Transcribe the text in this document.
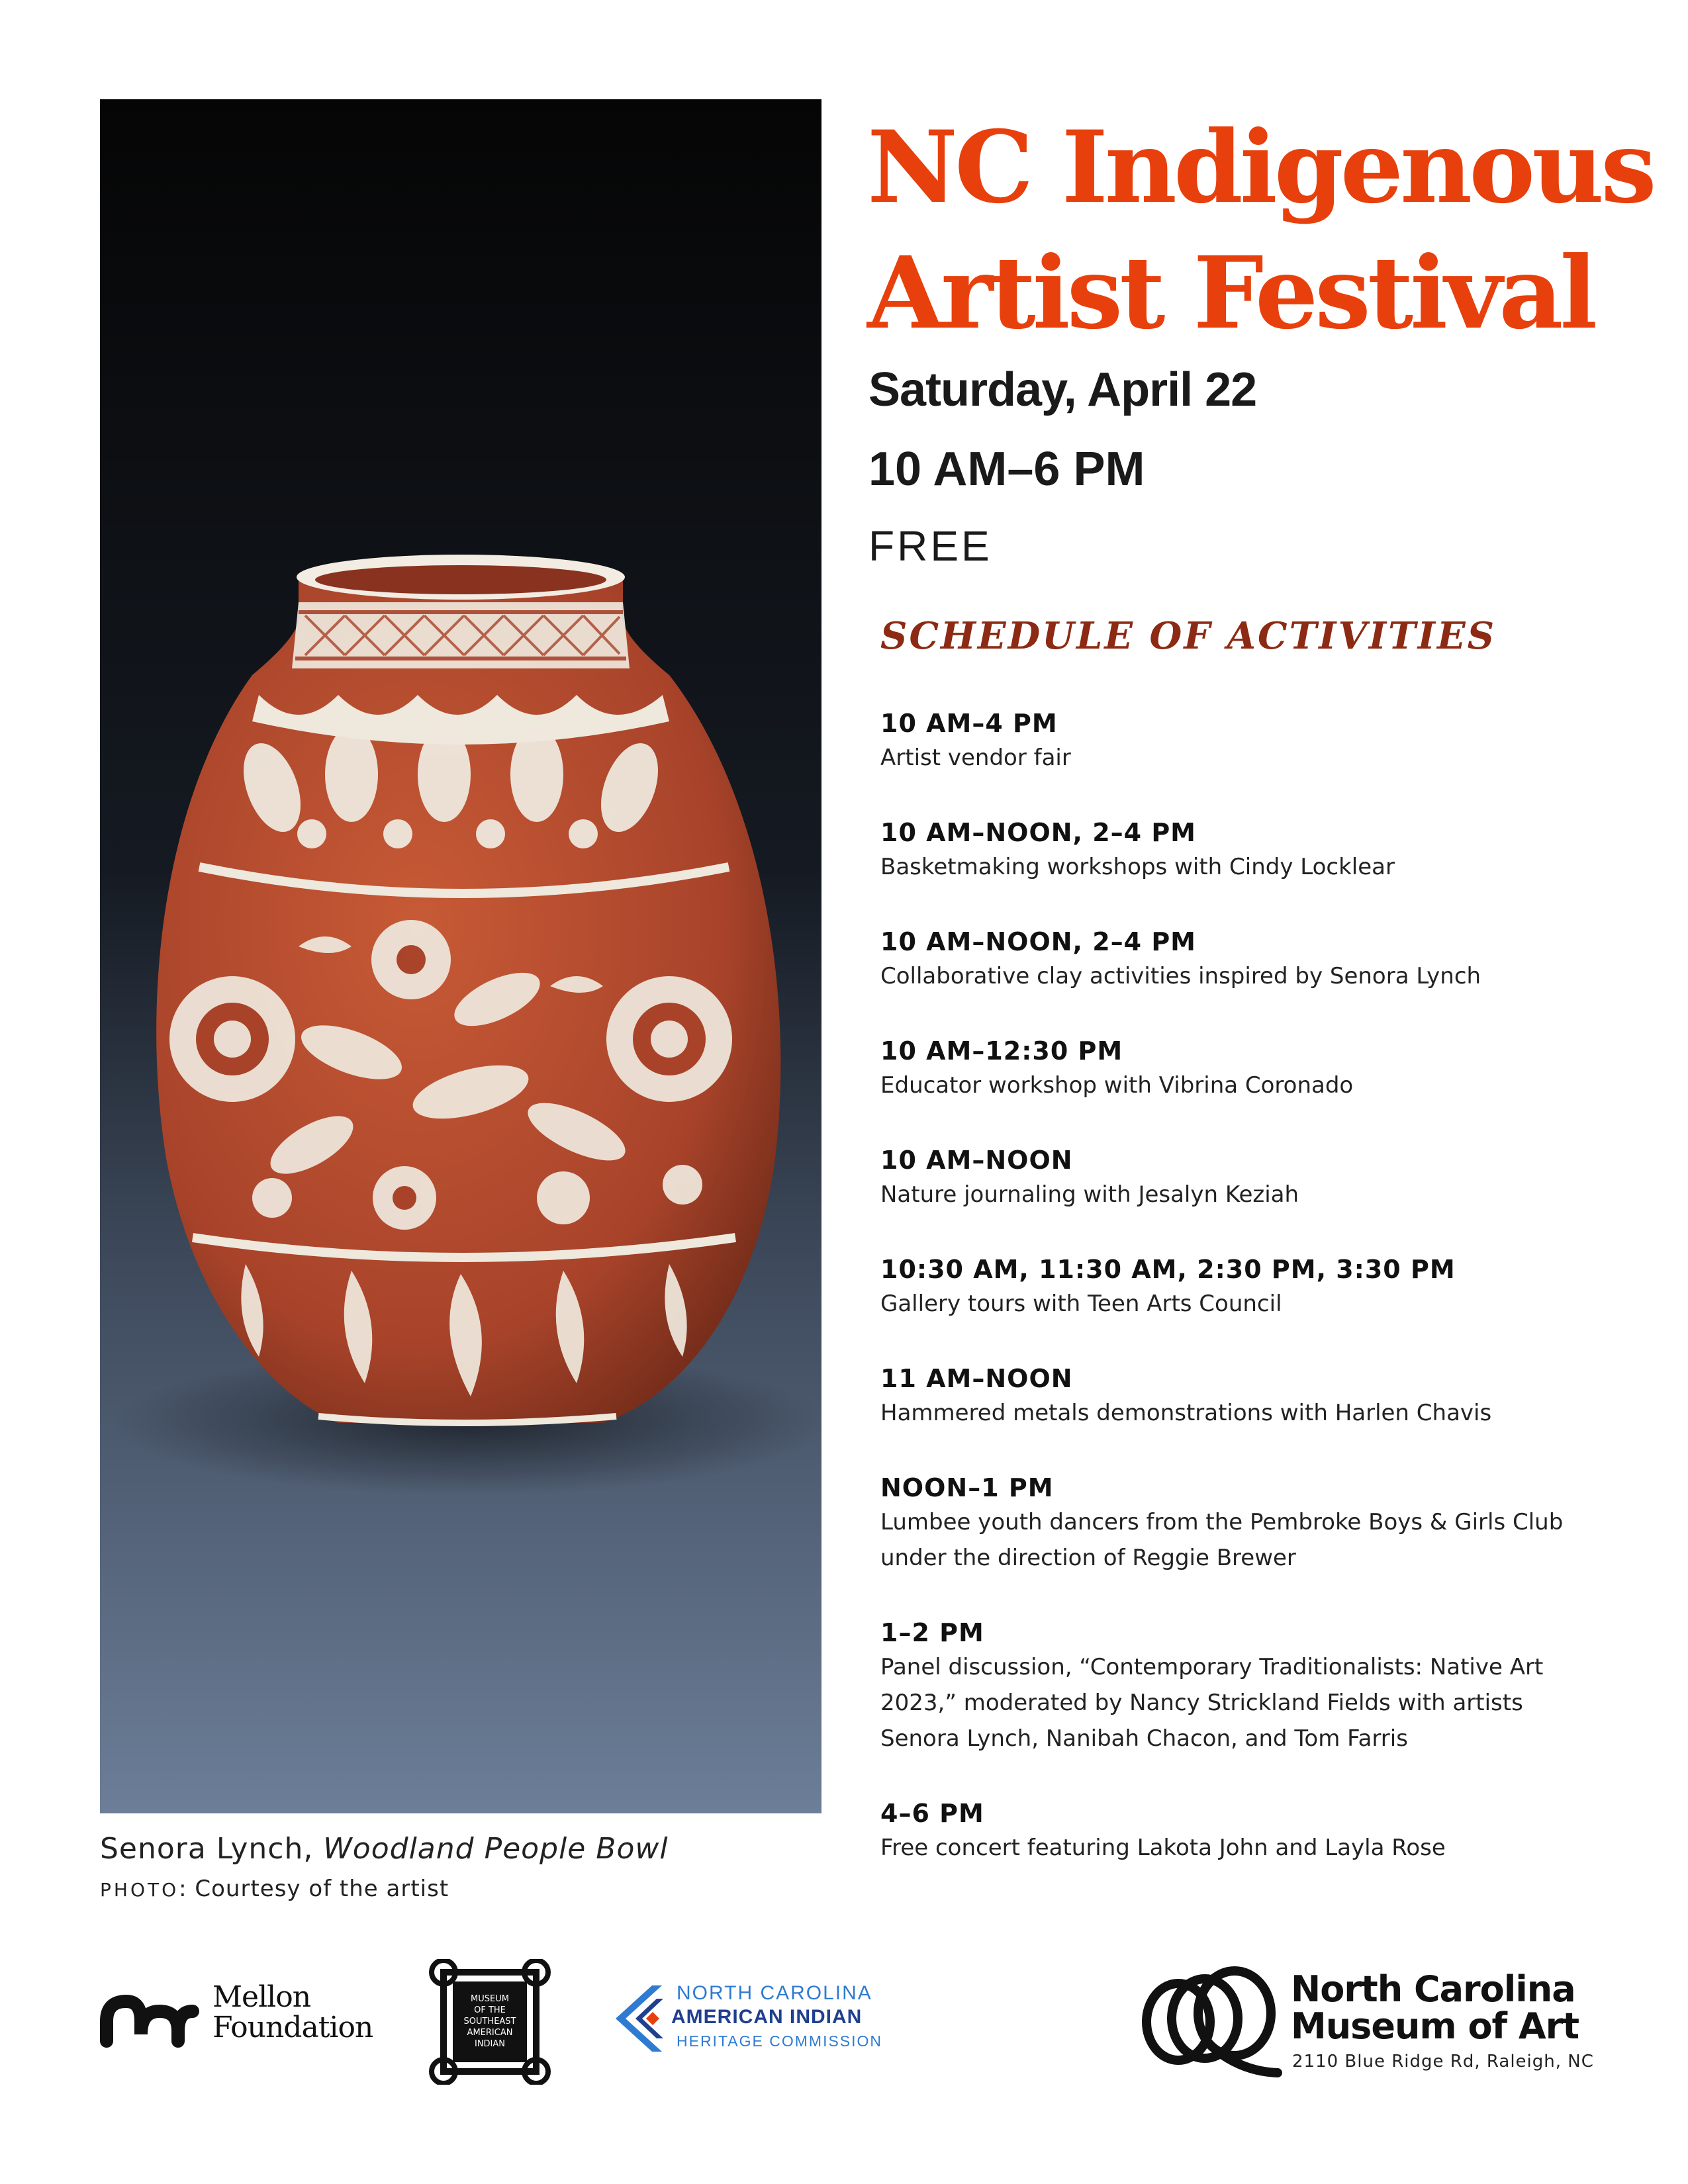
Senora Lynch, Woodland People Bowl
PHOTO: Courtesy of the artist
NC Indigenous
Artist Festival
Saturday, April 22
10 AM–6 PM
FREE
SCHEDULE OF ACTIVITIES
10 AM–4 PM
Artist vendor fair
10 AM–NOON, 2–4 PM
Basketmaking workshops with Cindy Locklear
10 AM–NOON, 2–4 PM
Collaborative clay activities inspired by Senora Lynch
10 AM–12:30 PM
Educator workshop with Vibrina Coronado
10 AM–NOON
Nature journaling with Jesalyn Keziah
10:30 AM, 11:30 AM, 2:30 PM, 3:30 PM
Gallery tours with Teen Arts Council
11 AM–NOON
Hammered metals demonstrations with Harlen Chavis
NOON–1 PM
Lumbee youth dancers from the Pembroke Boys & Girls Club
under the direction of Reggie Brewer
1–2 PM
Panel discussion, “Contemporary Traditionalists: Native Art
2023,” moderated by Nancy Strickland Fields with artists
Senora Lynch, Nanibah Chacon, and Tom Farris
4–6 PM
Free concert featuring Lakota John and Layla Rose
Mellon
Foundation
MUSEUM
OF THE
SOUTHEAST
AMERICAN
INDIAN
NORTH CAROLINA
AMERICAN INDIAN
HERITAGE COMMISSION
North Carolina
Museum of Art
2110 Blue Ridge Rd, Raleigh, NC
